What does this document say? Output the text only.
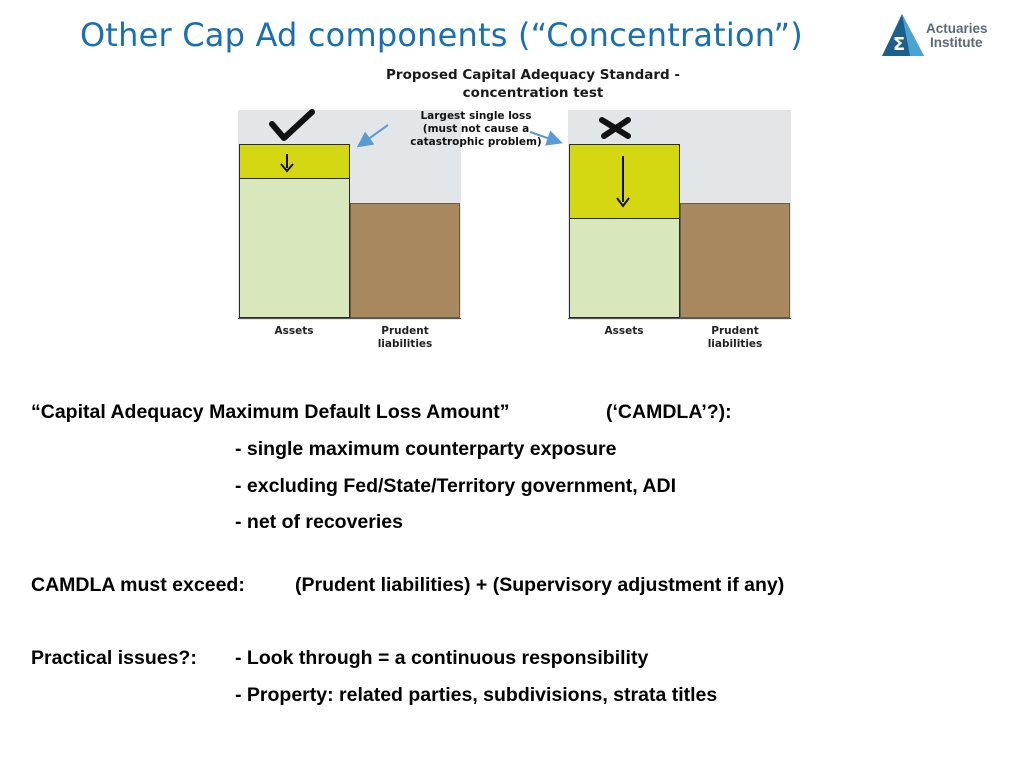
Other Cap Ad components (“Concentration”)	Σ
Actuaries
Institute
Proposed Capital Adequacy Standard -
concentration test
Largest single loss
(must not cause a
catastrophic problem)
Assets	Prudent
liabilities
Assets	Prudent
liabilities
“Capital Adequacy Maximum Default Loss Amount”	(‘CAMDLA’?):
- single maximum counterparty exposure
- excluding Fed/State/Territory government, ADI
- net of recoveries
CAMDLA must exceed:	(Prudent liabilities) + (Supervisory adjustment if any)
Practical issues?: - Look through = a continuous responsibility
- Property: related parties, subdivisions, strata titles
